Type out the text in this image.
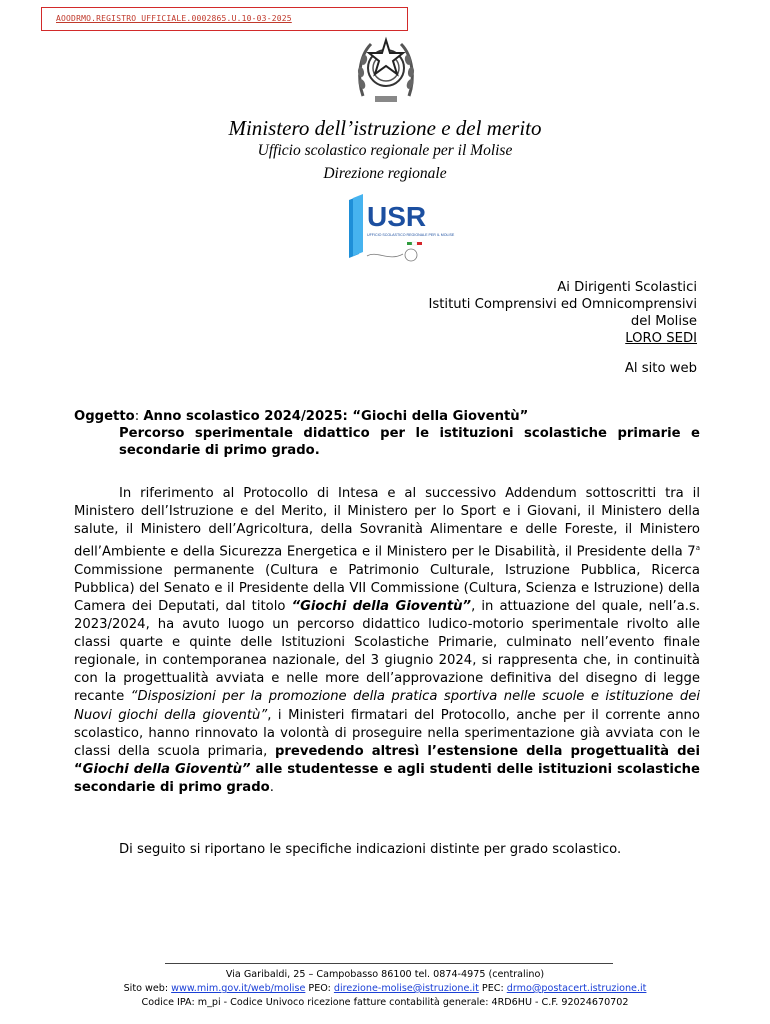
AOODRMO.REGISTRO UFFICIALE.0002865.U.10-03-2025
Ministero dell’istruzione e del merito
Ufficio scolastico regionale per il Molise
Direzione regionale
USR
UFFICIO SCOLASTICO REGIONALE PER IL MOLISE
Ai Dirigenti Scolastici
Istituti Comprensivi ed Omnicomprensivi
del Molise
LORO SEDI
Al sito web
Oggetto: Anno scolastico 2024/2025: “Giochi della Gioventù”
Percorso sperimentale didattico per le istituzioni scolastiche primarie e secondarie di primo grado.

In riferimento al Protocollo di Intesa e al successivo Addendum sottoscritti tra il Ministero dell’Istruzione e del Merito, il Ministero per lo Sport e i Giovani, il Ministero della salute, il Ministero dell’Agricoltura, della Sovranità Alimentare e delle Foreste, il Ministero dell’Ambiente e della Sicurezza Energetica e il Ministero per le Disabilità, il Presidente della 7$^a$ Commissione permanente (Cultura e Patrimonio Culturale, Istruzione Pubblica, Ricerca Pubblica) del Senato e il Presidente della VII Commissione (Cultura, Scienza e Istruzione) della Camera dei Deputati, dal titolo “Giochi della Gioventù”, in attuazione del quale, nell’a.s. 2023/2024, ha avuto luogo un percorso didattico ludico-motorio sperimentale rivolto alle classi quarte e quinte delle Istituzioni Scolastiche Primarie, culminato nell’evento finale regionale, in contemporanea nazionale, del 3 giugnio 2024, si rappresenta che, in continuità con la progettualità avviata e nelle more dell’approvazione definitiva del disegno di legge recante “Disposizioni per la promozione della pratica sportiva nelle scuole e istituzione dei Nuovi giochi della gioventù”, i Ministeri firmatari del Protocollo, anche per il corrente anno scolastico, hanno rinnovato la volontà di proseguire nella sperimentazione già avviata con le classi della scuola primaria, prevedendo altresì l’estensione della progettualità dei “Giochi della Gioventù” alle studentesse e agli studenti delle istituzioni scolastiche secondarie di primo grado.

Di seguito si riportano le specifiche indicazioni distinte per grado scolastico.
Via Garibaldi, 25 – Campobasso 86100 tel. 0874-4975 (centralino)
Sito web: www.mim.gov.it/web/molise PEO: direzione-molise@istruzione.it PEC: drmo@postacert.istruzione.it
Codice IPA: m_pi - Codice Univoco ricezione fatture contabilità generale: 4RD6HU - C.F. 92024670702
